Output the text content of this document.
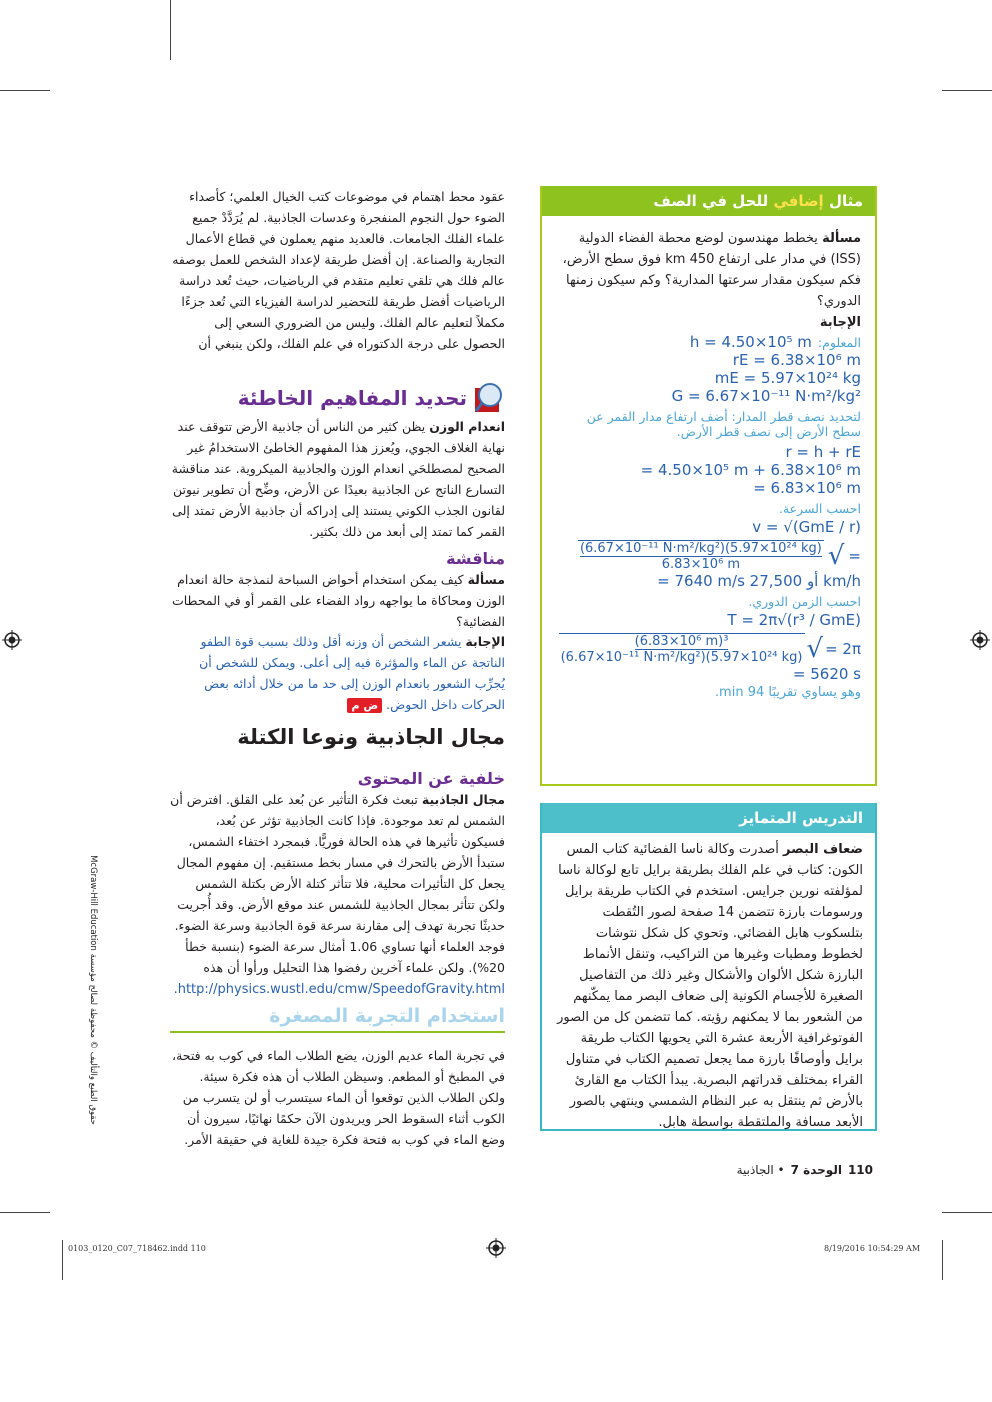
حقوق الطبع والتأليف © محفوظة لصالح مؤسسة McGraw-Hill Education

عقود محط اهتمام في موضوعات كتب الخيال العلمي؛ كأصداء الضوء حول النجوم المنفجرة وعدسات الجاذبية. لم يُرَدَّدْ جميع علماء الفلك الجامعات. فالعديد منهم يعملون في قطاع الأعمال التجارية والصناعة. إن أفضل طريقة لإعداد الشخص للعمل بوصفه عالم فلك هي تلقي تعليم متقدم في الرياضيات، حيث تُعد دراسة الرياضيات أفضل طريقة للتحضير لدراسة الفيزياء التي تُعد جزءًا مكملاً لتعليم عالم الفلك. وليس من الضروري السعي إلى الحصول على درجة الدكتوراه في علم الفلك، ولكن ينبغي أن

تحديد المفاهيم الخاطئة

انعدام الوزن يظن كثير من الناس أن جاذبية الأرض تتوقف عند نهاية الغلاف الجوي، ويُعزز هذا المفهوم الخاطئ الاستخدامُ غير الصحيح لمصطلحَي انعدام الوزن والجاذبية الميكروية. عند مناقشة التسارع الناتج عن الجاذبية بعيدًا عن الأرض، وضِّح أن تطوير نيوتن لقانون الجذب الكوني يستند إلى إدراكه أن جاذبية الأرض تمتد إلى القمر كما تمتد إلى أبعد من ذلك بكثير.

مناقشة

مسألة كيف يمكن استخدام أحواض السباحة لنمذجة حالة انعدام الوزن ومحاكاة ما يواجهه رواد الفضاء على القمر أو في المحطات الفضائية؟

الإجابة يشعر الشخص أن وزنه أقل وذلك بسبب قوة الطفو الناتجة عن الماء والمؤثرة فيه إلى أعلى. ويمكن للشخص أن يُجرِّب الشعور بانعدام الوزن إلى حد ما من خلال أدائه بعض الحركات داخل الحوض. ض م

مجال الجاذبية ونوعا الكتلة
خلفية عن المحتوى

مجال الجاذبية تبعث فكرة التأثير عن بُعد على القلق. افترض أن الشمس لم تعد موجودة. فإذا كانت الجاذبية تؤثر عن بُعد، فسيكون تأثيرها في هذه الحالة فوريًّا. فبمجرد اختفاء الشمس، ستبدأ الأرض بالتحرك في مسار بخط مستقيم. إن مفهوم المجال يجعل كل التأثيرات محلية، فلا تتأثر كتلة الأرض بكتلة الشمس ولكن تتأثر بمجال الجاذبية للشمس عند موقع الأرض. وقد أُجريت حديثًا تجربة تهدف إلى مقارنة سرعة قوة الجاذبية وسرعة الضوء. فوجد العلماء أنها تساوي 1.06 أمثال سرعة الضوء (بنسبة خطأ 20%). ولكن علماء آخرين رفضوا هذا التحليل ورأوا أن هذه

.http://physics.wustl.edu/cmw/SpeedofGravity.html
استخدام التجربة المصغرة

في تجربة الماء عديم الوزن، يضع الطلاب الماء في كوب به فتحة، في المطبخ أو المطعم. وسيظن الطلاب أن هذه فكرة سيئة. ولكن الطلاب الذين توقعوا أن الماء سيتسرب أو لن يتسرب من الكوب أثناء السقوط الحر ويريدون الآن حكمًا نهائيًا، سيرون أن وضع الماء في كوب به فتحة فكرة جيدة للغاية في حقيقة الأمر.

مثال إضافي للحل في الصف

مسألة يخطط مهندسون لوضع محطة الفضاء الدولية (ISS) في مدار على ارتفاع 450 km فوق سطح الأرض، فكم سيكون مقدار سرعتها المدارية؟ وكم سيكون زمنها الدوري؟

الإجابة
المعلوم:
h = 4.50×10⁵ m
rE = 6.38×10⁶ m
mE = 5.97×10²⁴ kg
G = 6.67×10⁻¹¹ N·m²/kg²
لتحديد نصف قطر المدار: أضف ارتفاع مدار القمر عن سطح الأرض إلى نصف قطر الأرض.
r = h + rE
= 4.50×10⁵ m + 6.38×10⁶ m
= 6.83×10⁶ m
احسب السرعة.
v = √(GmE / r)
$\frac{\text{(6.67×10⁻¹¹ N·m²/kg²)(5.97×10²⁴ kg)}}{\text{6.83×10⁶ m}}$ √ =
= 7640 m/s أو 27,500 km/h
احسب الزمن الدوري.
T = 2π√(r³ / GmE)
$\frac{\text{(6.83×10⁶ m)³}}{\text{(6.67×10⁻¹¹ N·m²/kg²)(5.97×10²⁴ kg)}}$ √ = 2π
= 5620 s
وهو يساوي تقريبًا 94 min.
التدريس المتمايز

ضعاف البصر أصدرت وكالة ناسا الفضائية كتاب المس الكون: كتاب في علم الفلك بطريقة برايل تابع لوكالة ناسا لمؤلفته نورين جرايس. استخدم في الكتاب طريقة برايل ورسومات بارزة تتضمن 14 صفحة لصور التُقطت بتلسكوب هابل الفضائي. وتحوي كل شكل نتوشات لخطوط ومطبات وغيرها من التراكيب، وتنقل الأنماط البارزة شكل الألوان والأشكال وغير ذلك من التفاصيل الصغيرة للأجسام الكونية إلى ضعاف البصر مما يمكّنهم من الشعور بما لا يمكنهم رؤيته. كما تتضمن كل من الصور الفوتوغرافية الأربعة عشرة التي يحويها الكتاب طريقة برايل وأوصافًا بارزة مما يجعل تصميم الكتاب في متناول القراء بمختلف قدراتهم البصرية. يبدأ الكتاب مع القارئ بالأرض ثم ينتقل به عبر النظام الشمسي وينتهي بالصور الأبعد مسافة والملتقطة بواسطة هابل.

110
الوحدة 7
• الجاذبية
0103_0120_C07_718462.indd 110	8/19/2016 10:54:29 AM
